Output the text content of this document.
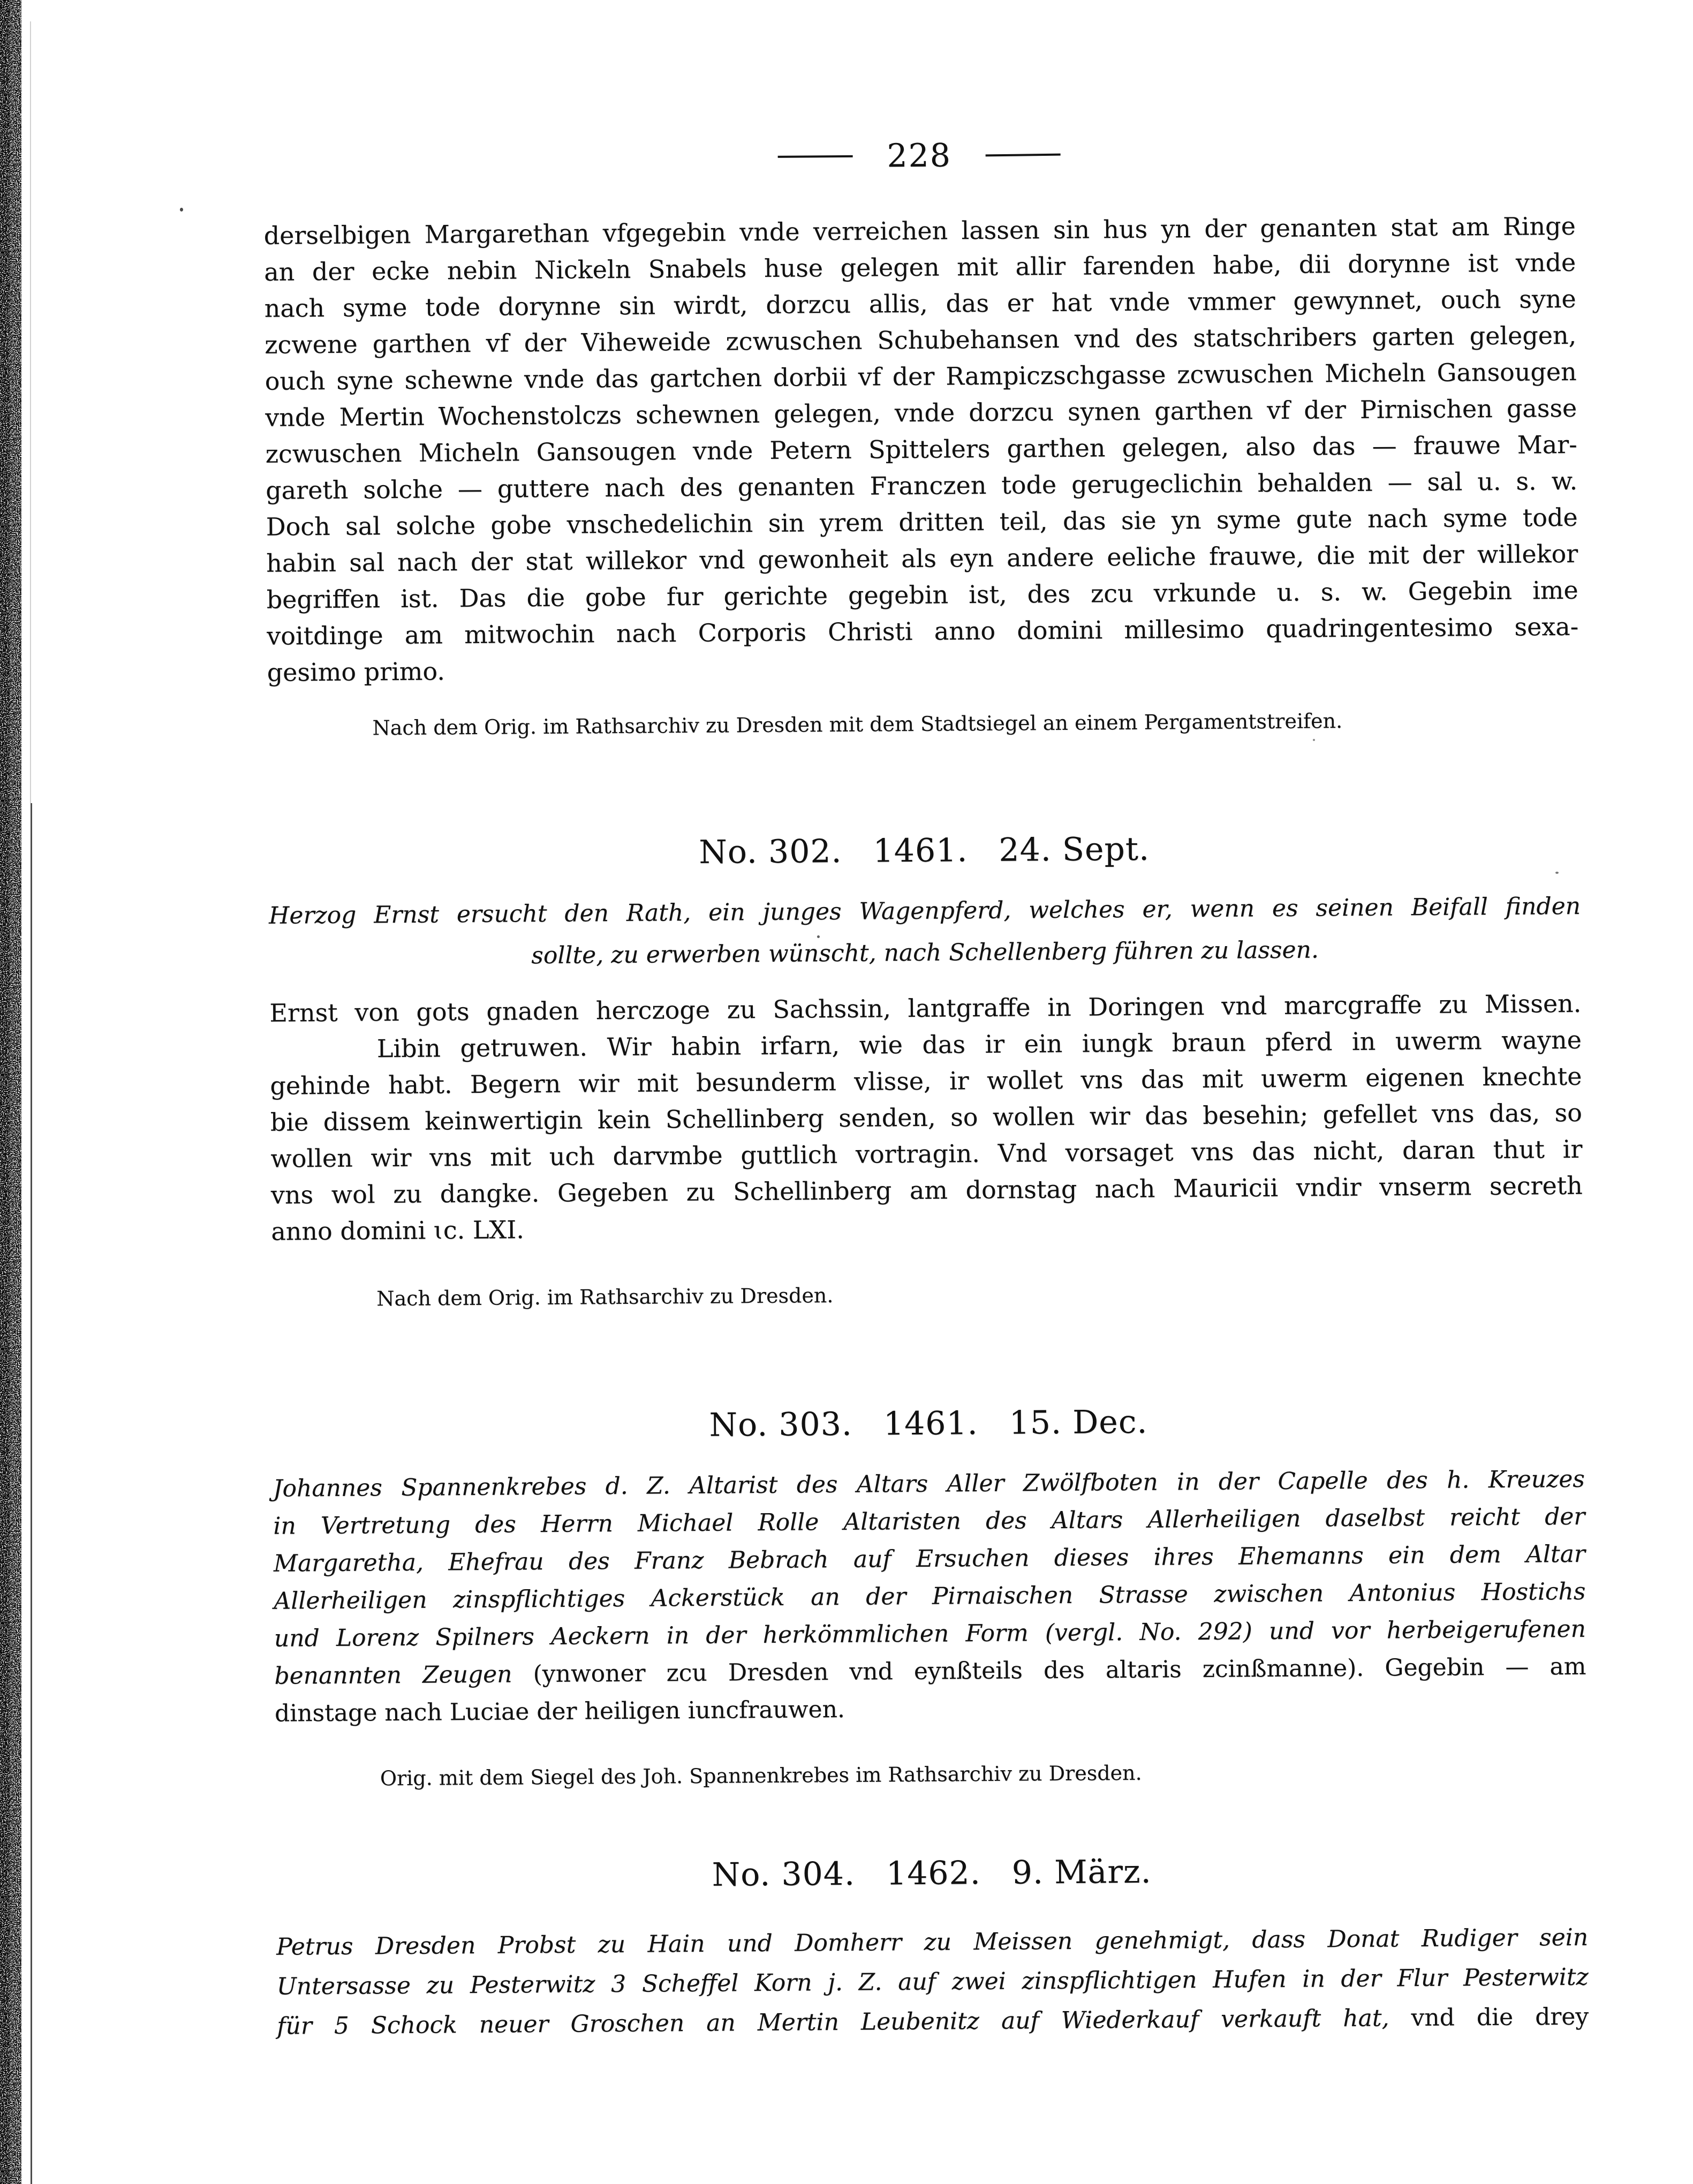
228
derselbigen Margarethan vfgegebin vnde verreichen lassen sin hus yn der genanten stat am Ringe
an der ecke nebin Nickeln Snabels huse gelegen mit allir farenden habe, dii dorynne ist vnde
nach syme tode dorynne sin wirdt, dorzcu allis, das er hat vnde vmmer gewynnet, ouch syne
zcwene garthen vf der Viheweide zcwuschen Schubehansen vnd des statschribers garten gelegen,
ouch syne schewne vnde das gartchen dorbii vf der Rampiczschgasse zcwuschen Micheln Gansougen
vnde Mertin Wochenstolczs schewnen gelegen, vnde dorzcu synen garthen vf der Pirnischen gasse
zcwuschen Micheln Gansougen vnde Petern Spittelers garthen gelegen, also das — frauwe Mar-
gareth solche — guttere nach des genanten Franczen tode gerugeclichin behalden — sal u. s. w.
Doch sal solche gobe vnschedelichin sin yrem dritten teil, das sie yn syme gute nach syme tode
habin sal nach der stat willekor vnd gewonheit als eyn andere eeliche frauwe, die mit der willekor
begriffen ist. Das die gobe fur gerichte gegebin ist, des zcu vrkunde u. s. w. Gegebin ime
voitdinge am mitwochin nach Corporis Christi anno domini millesimo quadringentesimo sexa-
gesimo primo.

Nach dem Orig. im Rathsarchiv zu Dresden mit dem Stadtsiegel an einem Pergamentstreifen.

No. 302. 1461. 24. Sept.
Herzog Ernst ersucht den Rath, ein junges Wagenpferd, welches er, wenn es seinen Beifall finden
sollte, zu erwerben wünscht, nach Schellenberg führen zu lassen.
Ernst von gots gnaden herczoge zu Sachssin, lantgraffe in Doringen vnd marcgraffe zu Missen.
Libin getruwen. Wir habin irfarn, wie das ir ein iungk braun pferd in uwerm wayne
gehinde habt. Begern wir mit besunderm vlisse, ir wollet vns das mit uwerm eigenen knechte
bie dissem keinwertigin kein Schellinberg senden, so wollen wir das besehin; gefellet vns das, so
wollen wir vns mit uch darvmbe guttlich vortragin. Vnd vorsaget vns das nicht, daran thut ir
vns wol zu dangke. Gegeben zu Schellinberg am dornstag nach Mauricii vndir vnserm secreth
anno domini ɩc. LXI.

Nach dem Orig. im Rathsarchiv zu Dresden.

No. 303. 1461. 15. Dec.
Johannes Spannenkrebes d. Z. Altarist des Altars Aller Zwölfboten in der Capelle des h. Kreuzes
in Vertretung des Herrn Michael Rolle Altaristen des Altars Allerheiligen daselbst reicht der
Margaretha, Ehefrau des Franz Bebrach auf Ersuchen dieses ihres Ehemanns ein dem Altar
Allerheiligen zinspflichtiges Ackerstück an der Pirnaischen Strasse zwischen Antonius Hostichs
und Lorenz Spilners Aeckern in der herkömmlichen Form (vergl. No. 292) und vor herbeigerufenen
benannten Zeugen (ynwoner zcu Dresden vnd eynßteils des altaris zcinßmanne). Gegebin — am
dinstage nach Luciae der heiligen iuncfrauwen.

Orig. mit dem Siegel des Joh. Spannenkrebes im Rathsarchiv zu Dresden.

No. 304. 1462. 9. März.
Petrus Dresden Probst zu Hain und Domherr zu Meissen genehmigt, dass Donat Rudiger sein
Untersasse zu Pesterwitz 3 Scheffel Korn j. Z. auf zwei zinspflichtigen Hufen in der Flur Pesterwitz
für 5 Schock neuer Groschen an Mertin Leubenitz auf Wiederkauf verkauft hat, vnd die drey
